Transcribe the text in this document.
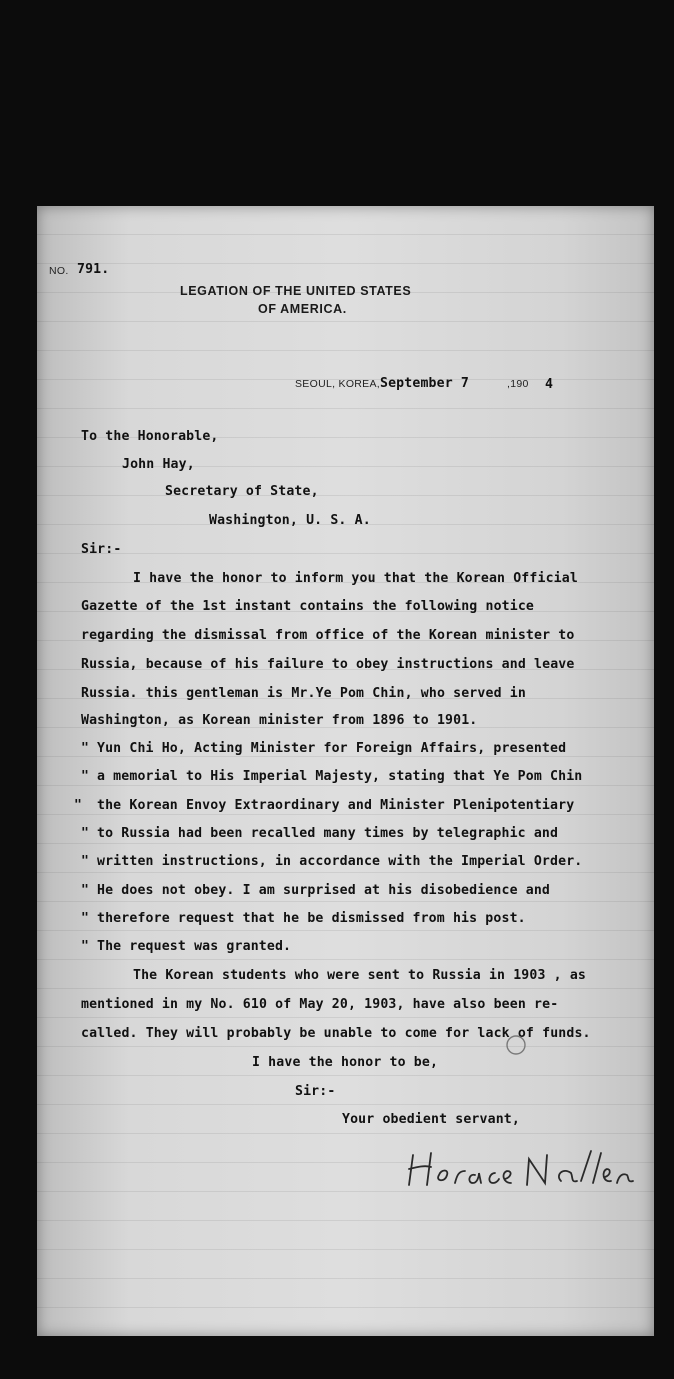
NO. 791.
LEGATION OF THE UNITED STATES
OF AMERICA.
SEOUL, KOREA, September 7	,190 4
To the Honorable,
John Hay,
Secretary of State,
Washington, U. S. A.
Sir:-
I have the honor to inform you that the Korean Official
Gazette of the 1st instant contains the following notice
regarding the dismissal from office of the Korean minister to
Russia, because of his failure to obey instructions and leave
Russia. this gentleman is Mr.Ye Pom Chin, who served in
Washington, as Korean minister from 1896 to 1901.
" Yun Chi Ho, Acting Minister for Foreign Affairs, presented
" a memorial to His Imperial Majesty, stating that Ye Pom Chin
" the Korean Envoy Extraordinary and Minister Plenipotentiary
" to Russia had been recalled many times by telegraphic and
" written instructions, in accordance with the Imperial Order.
" He does not obey. I am surprised at his disobedience and
" therefore request that he be dismissed from his post.
" The request was granted.
The Korean students who were sent to Russia in 1903 , as
mentioned in my No. 610 of May 20, 1903, have also been re-
called. They will probably be unable to come for lack of funds.
I have the honor to be,
Sir:-
Your obedient servant,
